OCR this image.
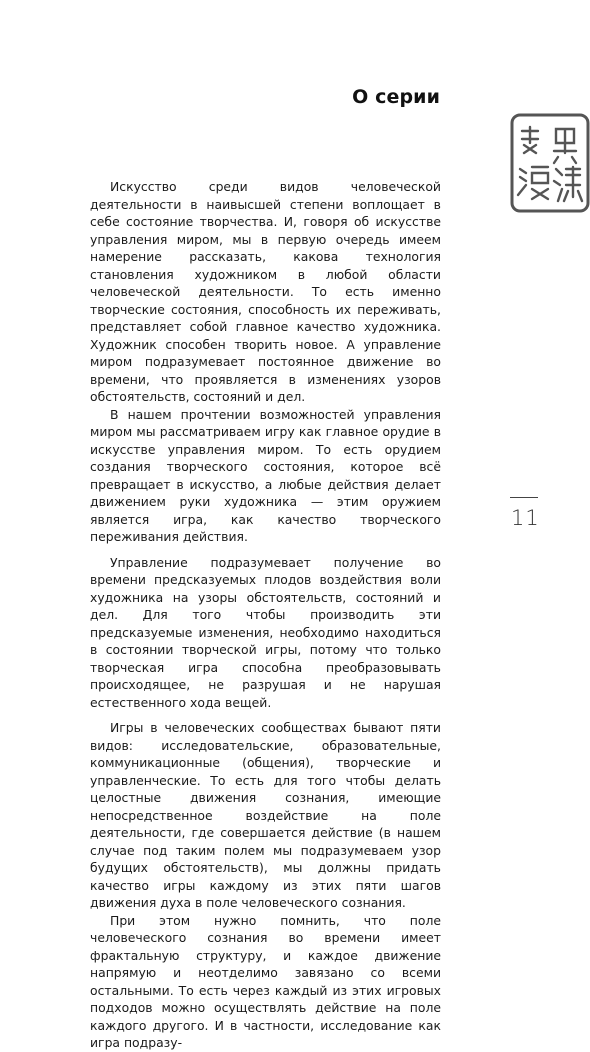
О серии

Искусство среди видов человеческой деятельности в наивысшей степени воплощает в себе состояние творчества. И, говоря об искусстве управления миром, мы в первую очередь имеем намерение рассказать, какова технология становления художником в любой области человеческой деятельности. То есть именно творческие состояния, способность их переживать, представляет собой главное качество художника. Художник способен творить новое. А управление миром подразумевает постоянное движение во времени, что проявляется в изменениях узоров обстоятельств, состояний и дел.

В нашем прочтении возможностей управления миром мы рассматриваем игру как главное орудие в искусстве управления миром. То есть орудием создания творческого состояния, которое всё превращает в искусство, а любые действия делает движением руки художника — этим оружием является игра, как качество творческого переживания действия.

Управление подразумевает получение во времени предсказуемых плодов воздействия воли художника на узоры обстоятельств, состояний и дел. Для того чтобы производить эти предсказуемые изменения, необходимо находиться в состоянии творческой игры, потому что только творческая игра способна преобразовывать происходящее, не разрушая и не нарушая естественного хода вещей.

Игры в человеческих сообществах бывают пяти видов: исследовательские, образовательные, коммуникационные (общения), творческие и управленческие. То есть для того чтобы делать целостные движения сознания, имеющие непосредственное воздействие на поле деятельности, где совершается действие (в нашем случае под таким полем мы подразумеваем узор будущих обстоятельств), мы должны придать качество игры каждому из этих пяти шагов движения духа в поле человеческого сознания.

При этом нужно помнить, что поле человеческого сознания во времени имеет фрактальную структуру, и каждое движение напрямую и неотделимо завязано со всеми остальными. То есть через каждый из этих игровых подходов можно осуществлять действие на поле каждого другого. И в частности, исследование как игра подразу-

11
